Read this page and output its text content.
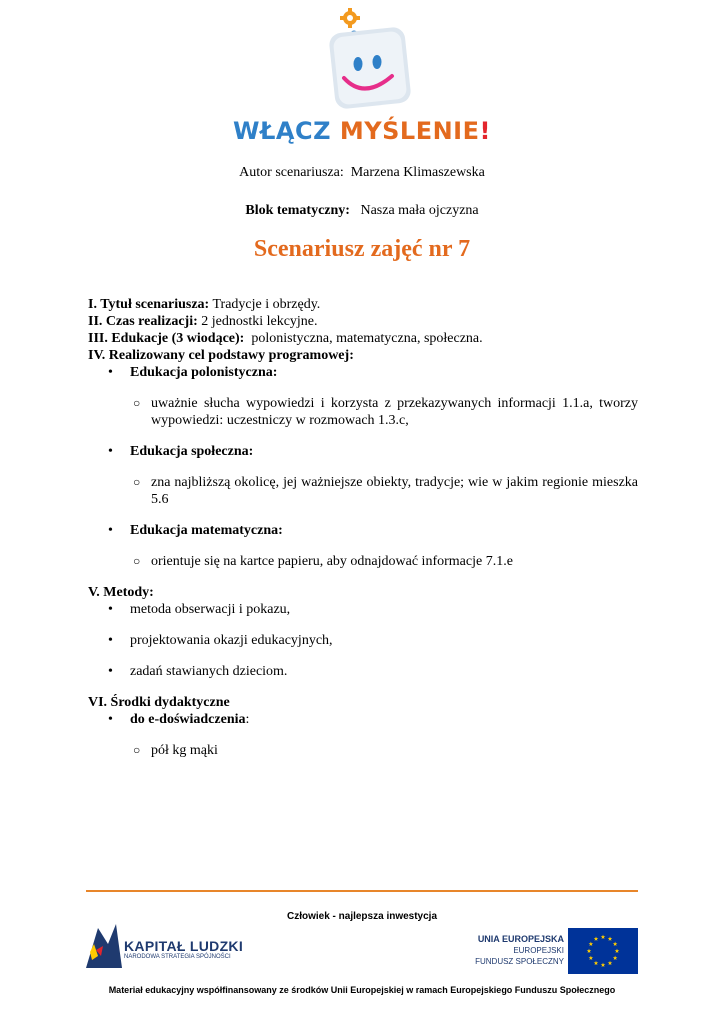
WŁĄCZ MYŚLENIE!
Autor scenariusza: Marzena Klimaszewska
Blok tematyczny: Nasza mała ojczyzna
Scenariusz zajęć nr 7

I. Tytuł scenariusza: Tradycje i obrzędy.

II. Czas realizacji: 2 jednostki lekcyjne.

III. Edukacje (3 wiodące): polonistyczna, matematyczna, społeczna.

IV. Realizowany cel podstawy programowej:

•	Edukacja polonistyczna:
○ uważnie słucha wypowiedzi i korzysta z przekazywanych informacji 1.1.a, tworzy wypowiedzi: uczestniczy w rozmowach 1.3.c,
•	Edukacja społeczna:
○ zna najbliższą okolicę, jej ważniejsze obiekty, tradycje; wie w jakim regionie mieszka 5.6
•	Edukacja matematyczna:
○ orientuje się na kartce papieru, aby odnajdować informacje 7.1.e

V. Metody:

•	metoda obserwacji i pokazu,
•	projektowania okazji edukacyjnych,
•	zadań stawianych dzieciom.

VI. Środki dydaktyczne

•	do e-doświadczenia:
○ pół kg mąki
Człowiek - najlepsza inwestycja
KAPITAŁ LUDZKI
NARODOWA STRATEGIA SPÓJNOŚCI
UNIA EUROPEJSKA
EUROPEJSKI
FUNDUSZ SPOŁECZNY
Materiał edukacyjny współfinansowany ze środków Unii Europejskiej w ramach Europejskiego Funduszu Społecznego
